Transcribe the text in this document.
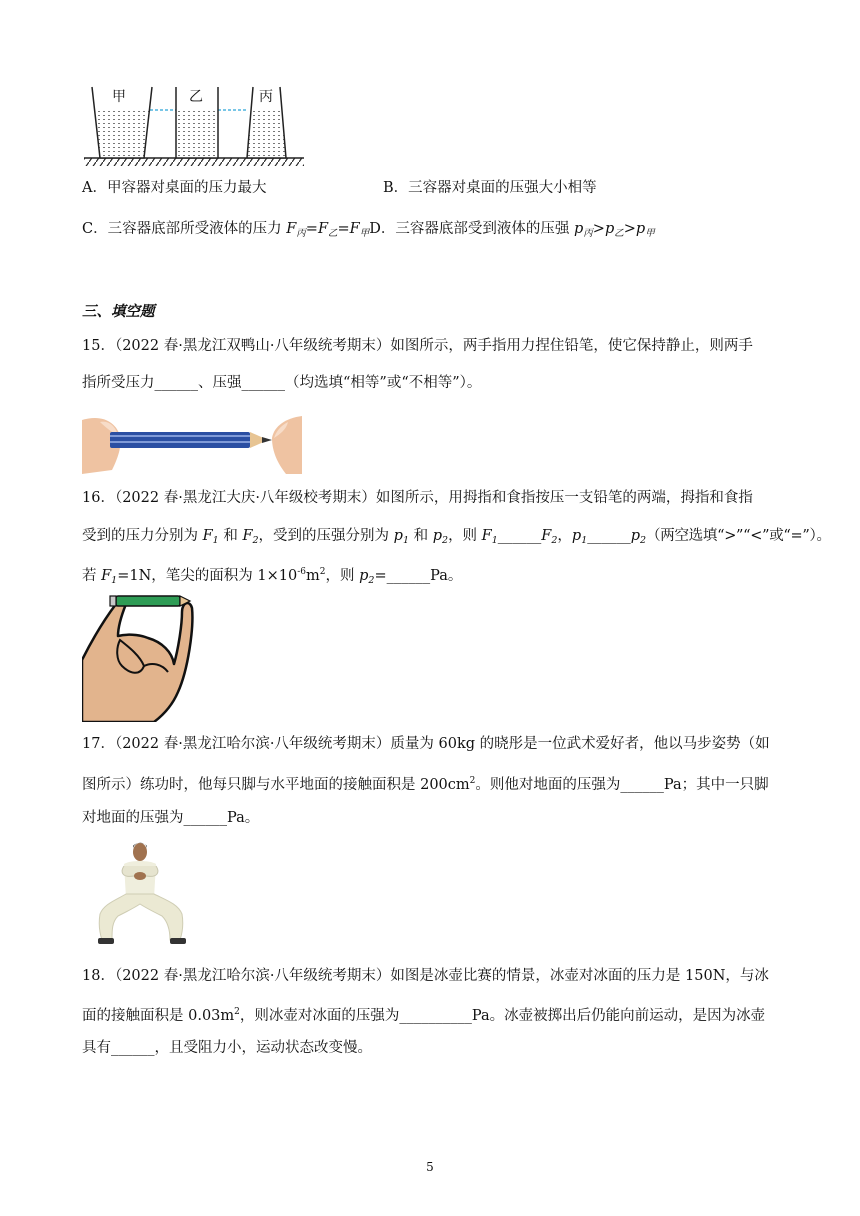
甲	乙	丙
A．甲容器对桌面的压力最大	B．三容器对桌面的压强大小相等
C．三容器底部所受液体的压力 $F_丙=F_乙=F_甲D$．三容器底部受到液体的压强 $p_丙>p_乙>p_甲$
三、填空题
15．（2022 春·黑龙江双鸭山·八年级统考期末）如图所示，两手指用力捏住铅笔，使它保持静止，则两手
指所受压力______、压强______（均选填“相等”或“不相等”）。
16．（2022 春·黑龙江大庆·八年级校考期末）如图所示，用拇指和食指按压一支铅笔的两端，拇指和食指
受到的压力分别为 $F_1$ 和 $F_2$，受到的压强分别为 $p_1$ 和 $p_2$，则 $F_1\_\_\_\_\_\_F_2$，$p_1\_\_\_\_\_\_p_2$（两空选填“>”“<”或“=”）。
若 $F_1=1N$，笔尖的面积为 $1\times 10^{-6}m^2$，则 $p_2=\_\_\_\_\_\_Pa$。
17．（2022 春·黑龙江哈尔滨·八年级统考期末）质量为 60kg 的晓彤是一位武术爱好者，他以马步姿势（如
图所示）练功时，他每只脚与水平地面的接触面积是 $200cm^2$。则他对地面的压强为______Pa；其中一只脚
对地面的压强为______Pa。
18．（2022 春·黑龙江哈尔滨·八年级统考期末）如图是冰壶比赛的情景，冰壶对冰面的压力是 150N，与冰
面的接触面积是 $0.03m^2$，则冰壶对冰面的压强为__________Pa。冰壶被掷出后仍能向前运动，是因为冰壶
具有______，且受阻力小，运动状态改变慢。
5
